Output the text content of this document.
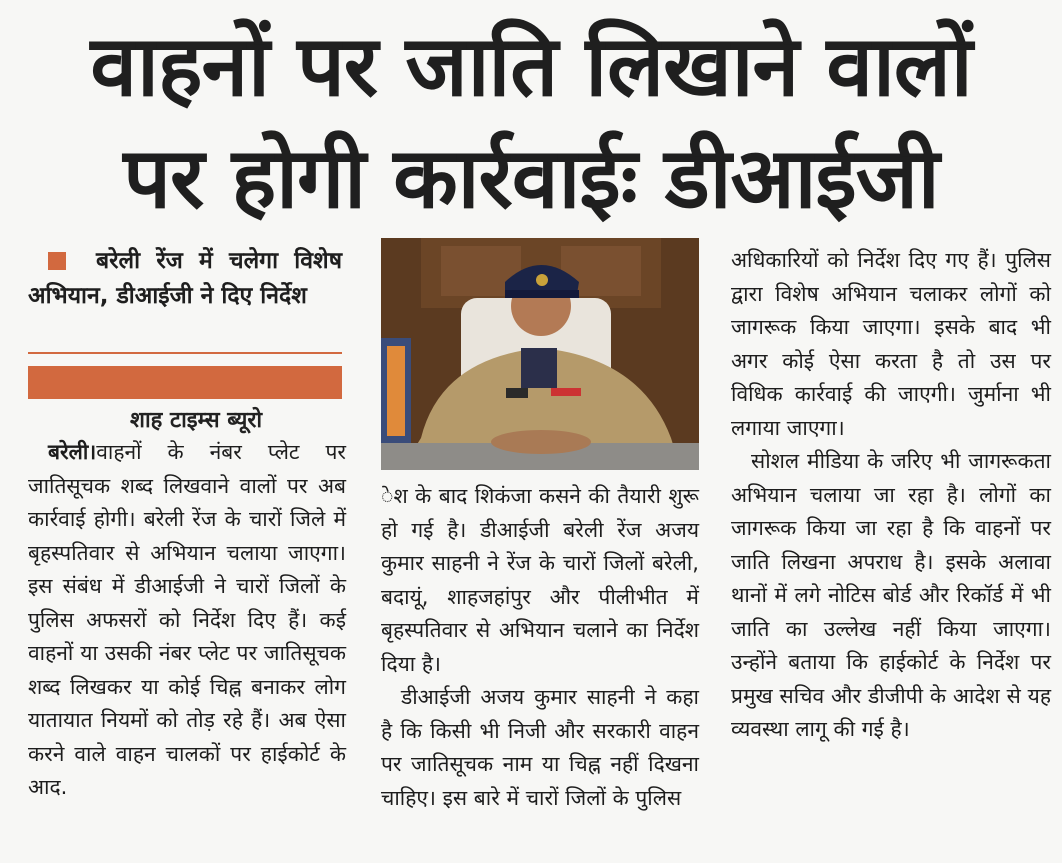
वाहनों पर जाति लिखाने वालों
पर होगी कार्रवाईः डीआईजी

बरेली रेंज में चलेगा विशेष अभियान, डीआईजी ने दिए निर्देश

शाह टाइम्स ब्यूरो

बरेली।वाहनों के नंबर प्लेट पर जातिसूचक शब्द लिखवाने वालों पर अब कार्रवाई होगी। बरेली रेंज के चारों जिले में बृहस्पतिवार से अभियान चलाया जाएगा। इस संबंध में डीआईजी ने चारों जिलों के पुलिस अफसरों को निर्देश दिए हैं। कई वाहनों या उसकी नंबर प्लेट पर जातिसूचक शब्द लिखकर या कोई चिह्न बनाकर लोग यातायात नियमों को तोड़ रहे हैं। अब ऐसा करने वाले वाहन चालकों पर हाईकोर्ट के आद.

ेश के बाद शिकंजा कसने की तैयारी शुरू हो गई है। डीआईजी बरेली रेंज अजय कुमार साहनी ने रेंज के चारों जिलों बरेली, बदायूं, शाहजहांपुर और पीलीभीत में बृहस्पतिवार से अभियान चलाने का निर्देश दिया है।

डीआईजी अजय कुमार साहनी ने कहा है कि किसी भी निजी और सरकारी वाहन पर जातिसूचक नाम या चिह्न नहीं दिखना चाहिए। इस बारे में चारों जिलों के पुलिस

अधिकारियों को निर्देश दिए गए हैं। पुलिस द्वारा विशेष अभियान चलाकर लोगों को जागरूक किया जाएगा। इसके बाद भी अगर कोई ऐसा करता है तो उस पर विधिक कार्रवाई की जाएगी। जुर्माना भी लगाया जाएगा।

सोशल मीडिया के जरिए भी जागरूकता अभियान चलाया जा रहा है। लोगों का जागरूक किया जा रहा है कि वाहनों पर जाति लिखना अपराध है। इसके अलावा थानों में लगे नोटिस बोर्ड और रिकॉर्ड में भी जाति का उल्लेख नहीं किया जाएगा। उन्होंने बताया कि हाईकोर्ट के निर्देश पर प्रमुख सचिव और डीजीपी के आदेश से यह व्यवस्था लागू की गई है।
